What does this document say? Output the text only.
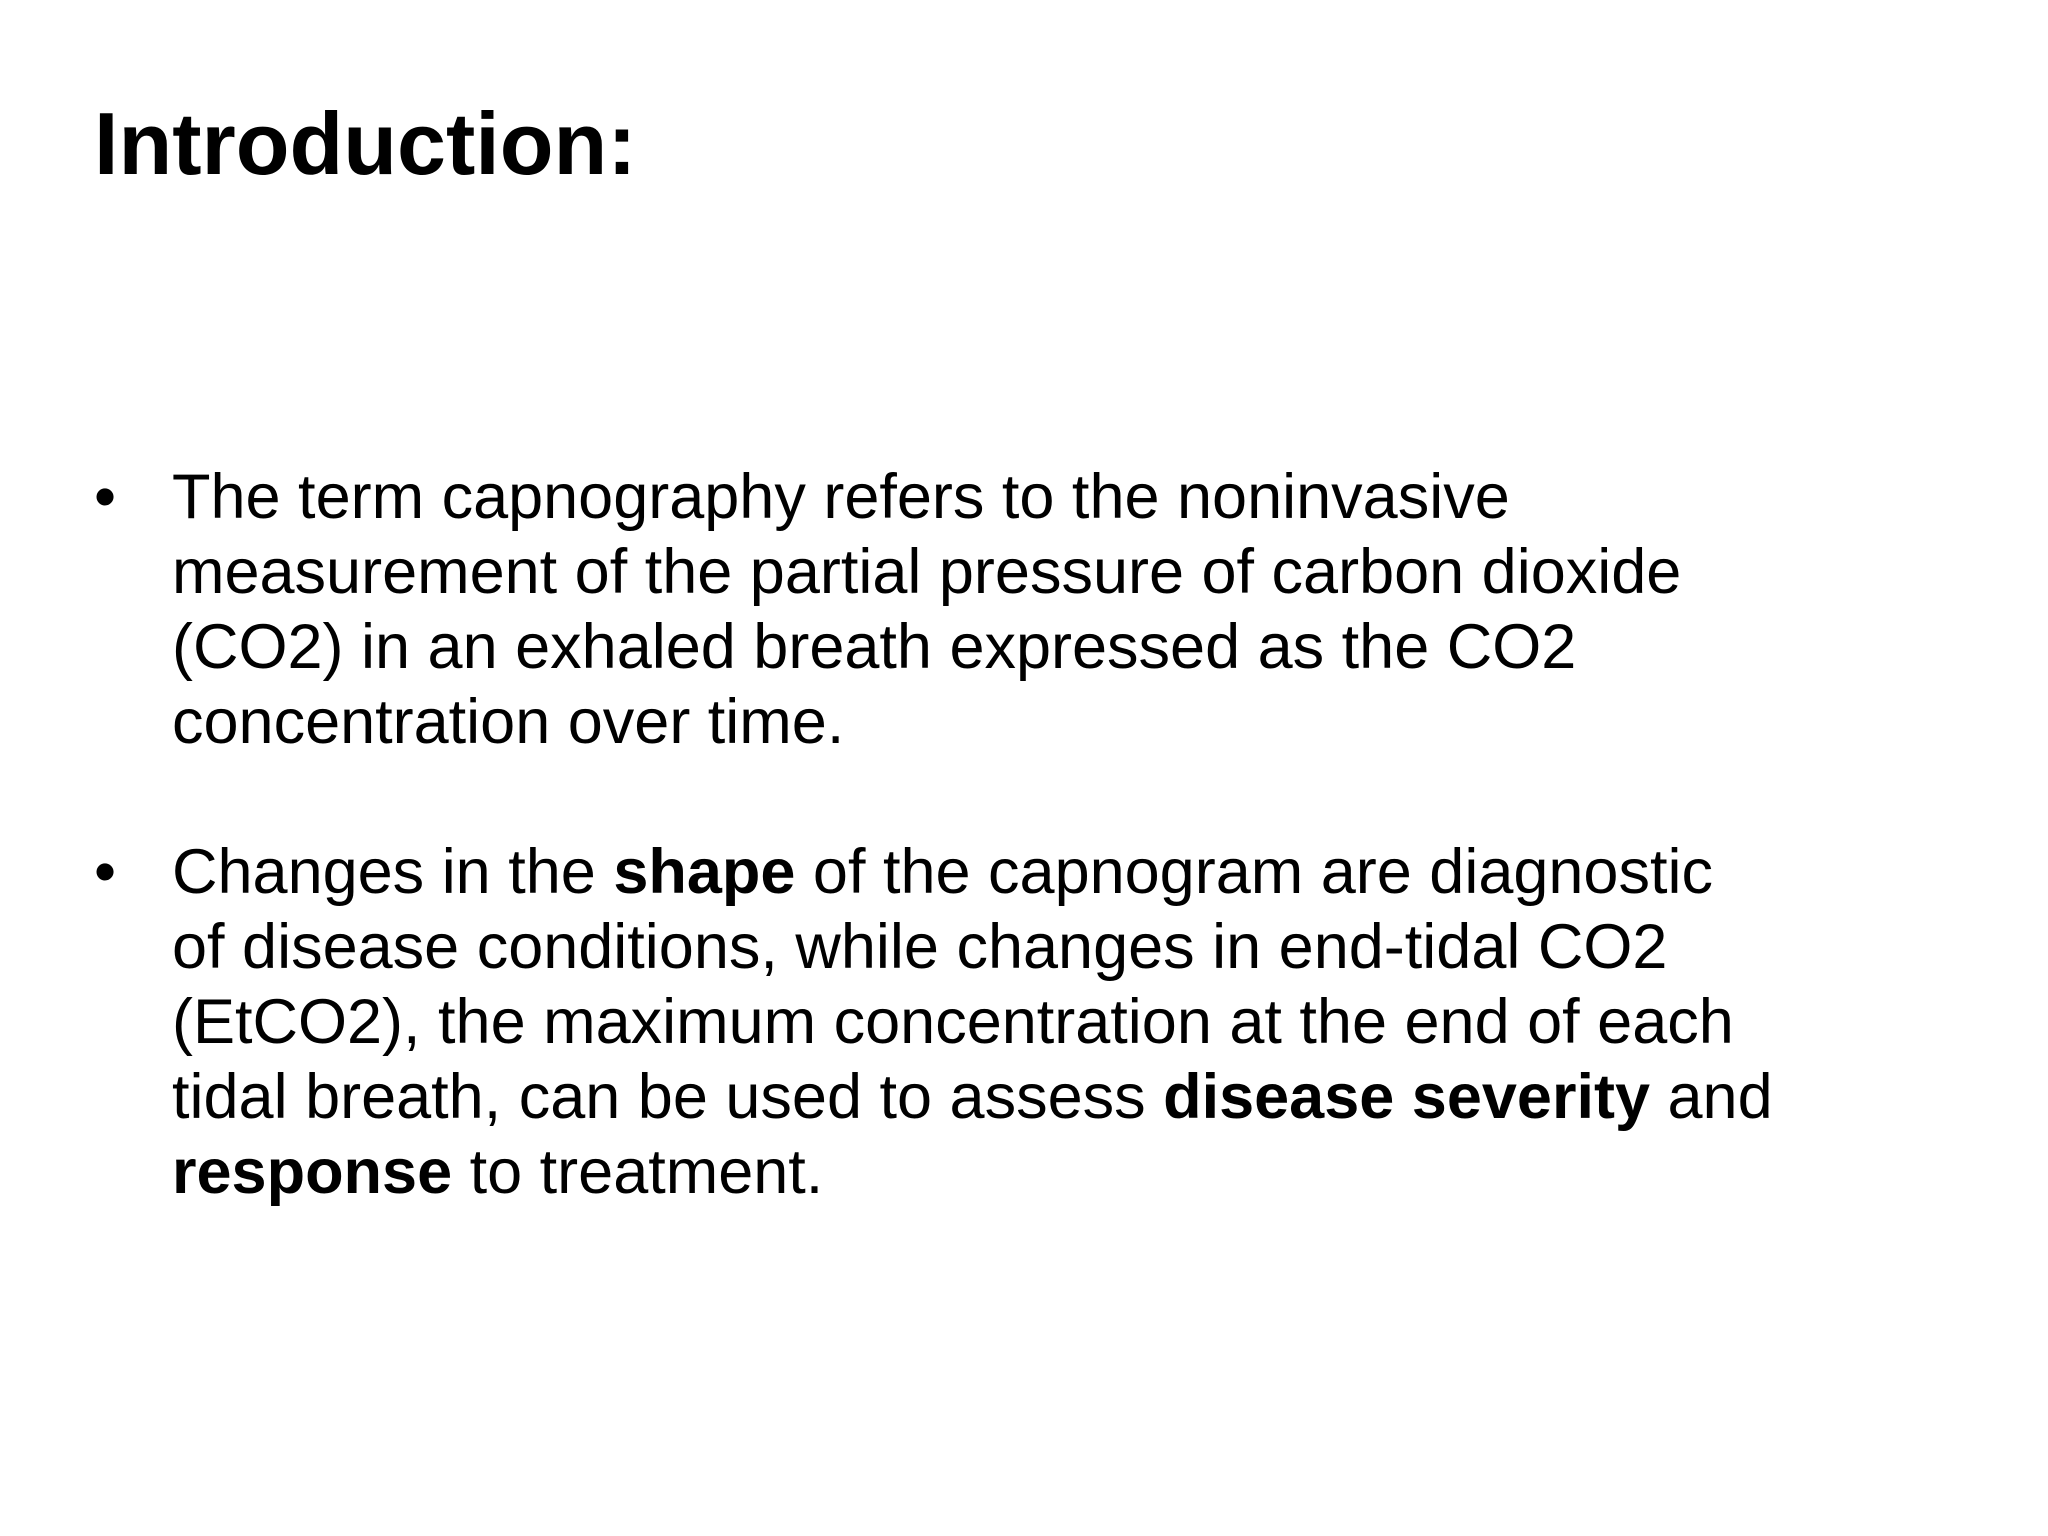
Introduction:
• The term capnography refers to the noninvasive
measurement of the partial pressure of carbon dioxide
(CO2) in an exhaled breath expressed as the CO2
concentration over time.
• Changes in the shape of the capnogram are diagnostic
of disease conditions, while changes in end-tidal CO2
(EtCO2), the maximum concentration at the end of each
tidal breath, can be used to assess disease severity and
response to treatment.
